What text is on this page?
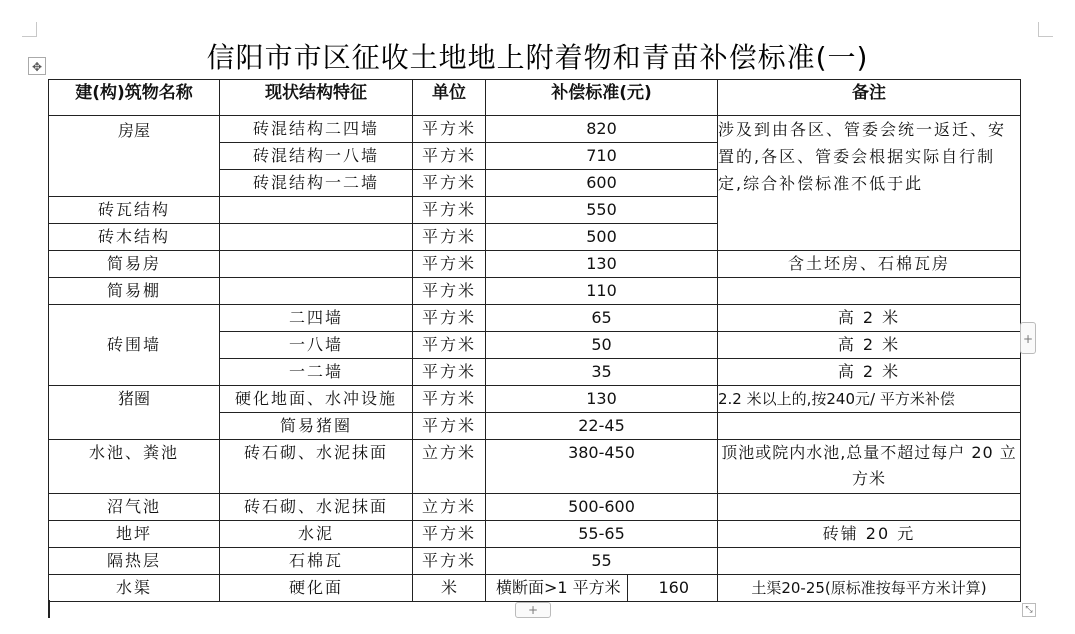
✥	信阳市市区征收土地地上附着物和青苗补偿标准(一)
建(构)筑物名称	现状结构特征	单位	补偿标准(元)	备注
房屋	砖混结构二四墙	平方米	820	涉及到由各区、管委会统一返迁、安置的,各区、管委会根据实际自行制定,综合补偿标准不低于此
	砖混结构一八墙	平方米	710	
	砖混结构一二墙	平方米	600	
砖瓦结构		平方米	550	
砖木结构		平方米	500	
简易房		平方米	130	含土坯房、石棉瓦房
简易棚		平方米	110	
砖围墙	二四墙	平方米	65	高 2 米
	一八墙	平方米	50	高 2 米
	一二墙	平方米	35	高 2 米
猪圈	硬化地面、水冲设施	平方米	130	2.2 米以上的,按240元/ 平方米补偿
	简易猪圈	平方米	22-45	
水池、粪池	砖石砌、水泥抹面	立方米	380-450	顶池或院内水池,总量不超过每户 20 立方米
沼气池	砖石砌、水泥抹面	立方米	500-600	
地坪	水泥	平方米	55-65	砖铺 20 元
隔热层	石棉瓦	平方米	55	
水渠	硬化面	米	横断面>1 平方米 160	土渠20-25(原标准按每平方米计算)
+
+	⤡
